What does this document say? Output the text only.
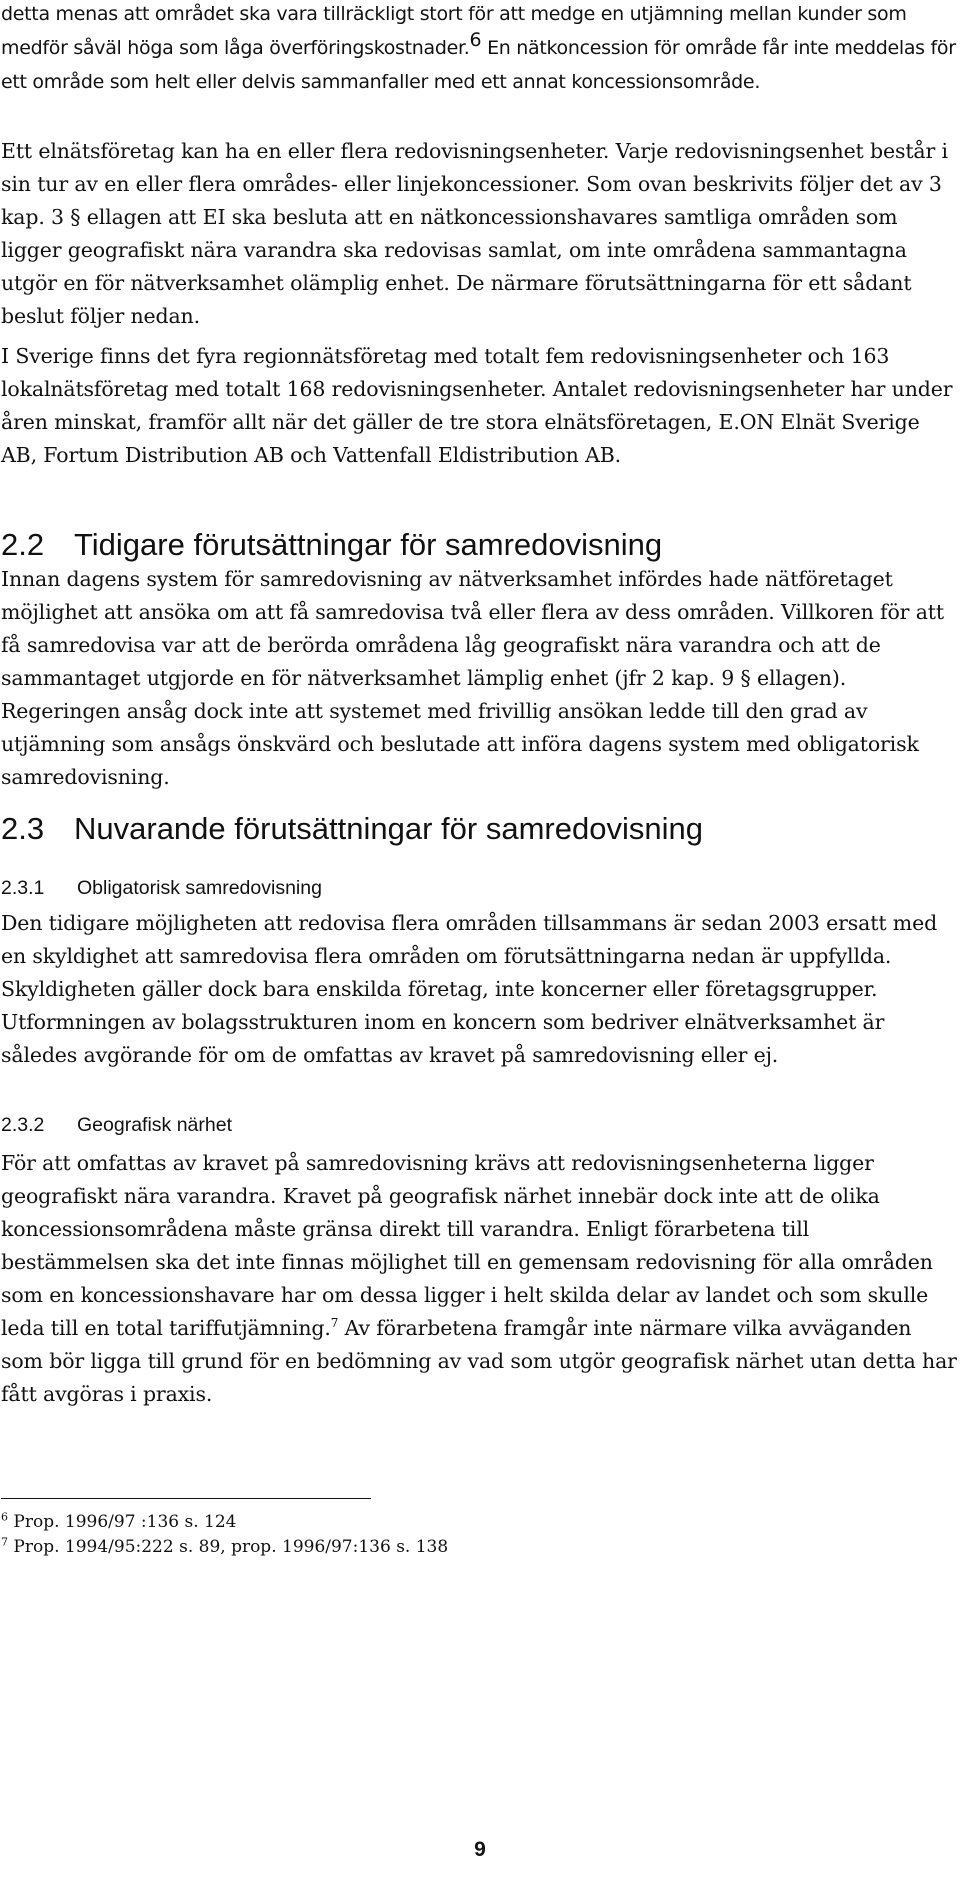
detta menas att området ska vara tillräckligt stort för att medge en utjämning mellan kunder som medför såväl höga som låga överföringskostnader.$^6$ En nätkoncession för område får inte meddelas för ett område som helt eller delvis sammanfaller med ett annat koncessionsområde.

Ett elnätsföretag kan ha en eller flera redovisningsenheter. Varje redovisningsenhet består i sin tur av en eller flera områdes- eller linjekoncessioner. Som ovan beskrivits följer det av 3 kap. 3 § ellagen att EI ska besluta att en nätkoncessionshavares samtliga områden som ligger geografiskt nära varandra ska redovisas samlat, om inte områdena sammantagna utgör en för nätverksamhet olämplig enhet. De närmare förutsättningarna för ett sådant beslut följer nedan.

I Sverige finns det fyra regionnätsföretag med totalt fem redovisningsenheter och 163 lokalnätsföretag med totalt 168 redovisningsenheter. Antalet redovisningsenheter har under åren minskat, framför allt när det gäller de tre stora elnätsföretagen, E.ON Elnät Sverige AB, Fortum Distribution AB och Vattenfall Eldistribution AB.

2.2 Tidigare förutsättningar för samredovisning

Innan dagens system för samredovisning av nätverksamhet infördes hade nätföretaget möjlighet att ansöka om att få samredovisa två eller flera av dess områden. Villkoren för att få samredovisa var att de berörda områdena låg geografiskt nära varandra och att de sammantaget utgjorde en för nätverksamhet lämplig enhet (jfr 2 kap. 9 § ellagen). Regeringen ansåg dock inte att systemet med frivillig ansökan ledde till den grad av utjämning som ansågs önskvärd och beslutade att införa dagens system med obligatorisk samredovisning.

2.3 Nuvarande förutsättningar för samredovisning
2.3.1 Obligatorisk samredovisning

Den tidigare möjligheten att redovisa flera områden tillsammans är sedan 2003 ersatt med en skyldighet att samredovisa flera områden om förutsättningarna nedan är uppfyllda. Skyldigheten gäller dock bara enskilda företag, inte koncerner eller företagsgrupper. Utformningen av bolagsstrukturen inom en koncern som bedriver elnätverksamhet är således avgörande för om de omfattas av kravet på samredovisning eller ej.

2.3.2 Geografisk närhet

För att omfattas av kravet på samredovisning krävs att redovisningsenheterna ligger geografiskt nära varandra. Kravet på geografisk närhet innebär dock inte att de olika koncessionsområdena måste gränsa direkt till varandra. Enligt förarbetena till bestämmelsen ska det inte finnas möjlighet till en gemensam redovisning för alla områden som en koncessionshavare har om dessa ligger i helt skilda delar av landet och som skulle leda till en total tariffutjämning.$^7$ Av förarbetena framgår inte närmare vilka avväganden som bör ligga till grund för en bedömning av vad som utgör geografisk närhet utan detta har fått avgöras i praxis.

$^6$ Prop. 1996/97 :136 s. 124
$^7$ Prop. 1994/95:222 s. 89, prop. 1996/97:136 s. 138
9
